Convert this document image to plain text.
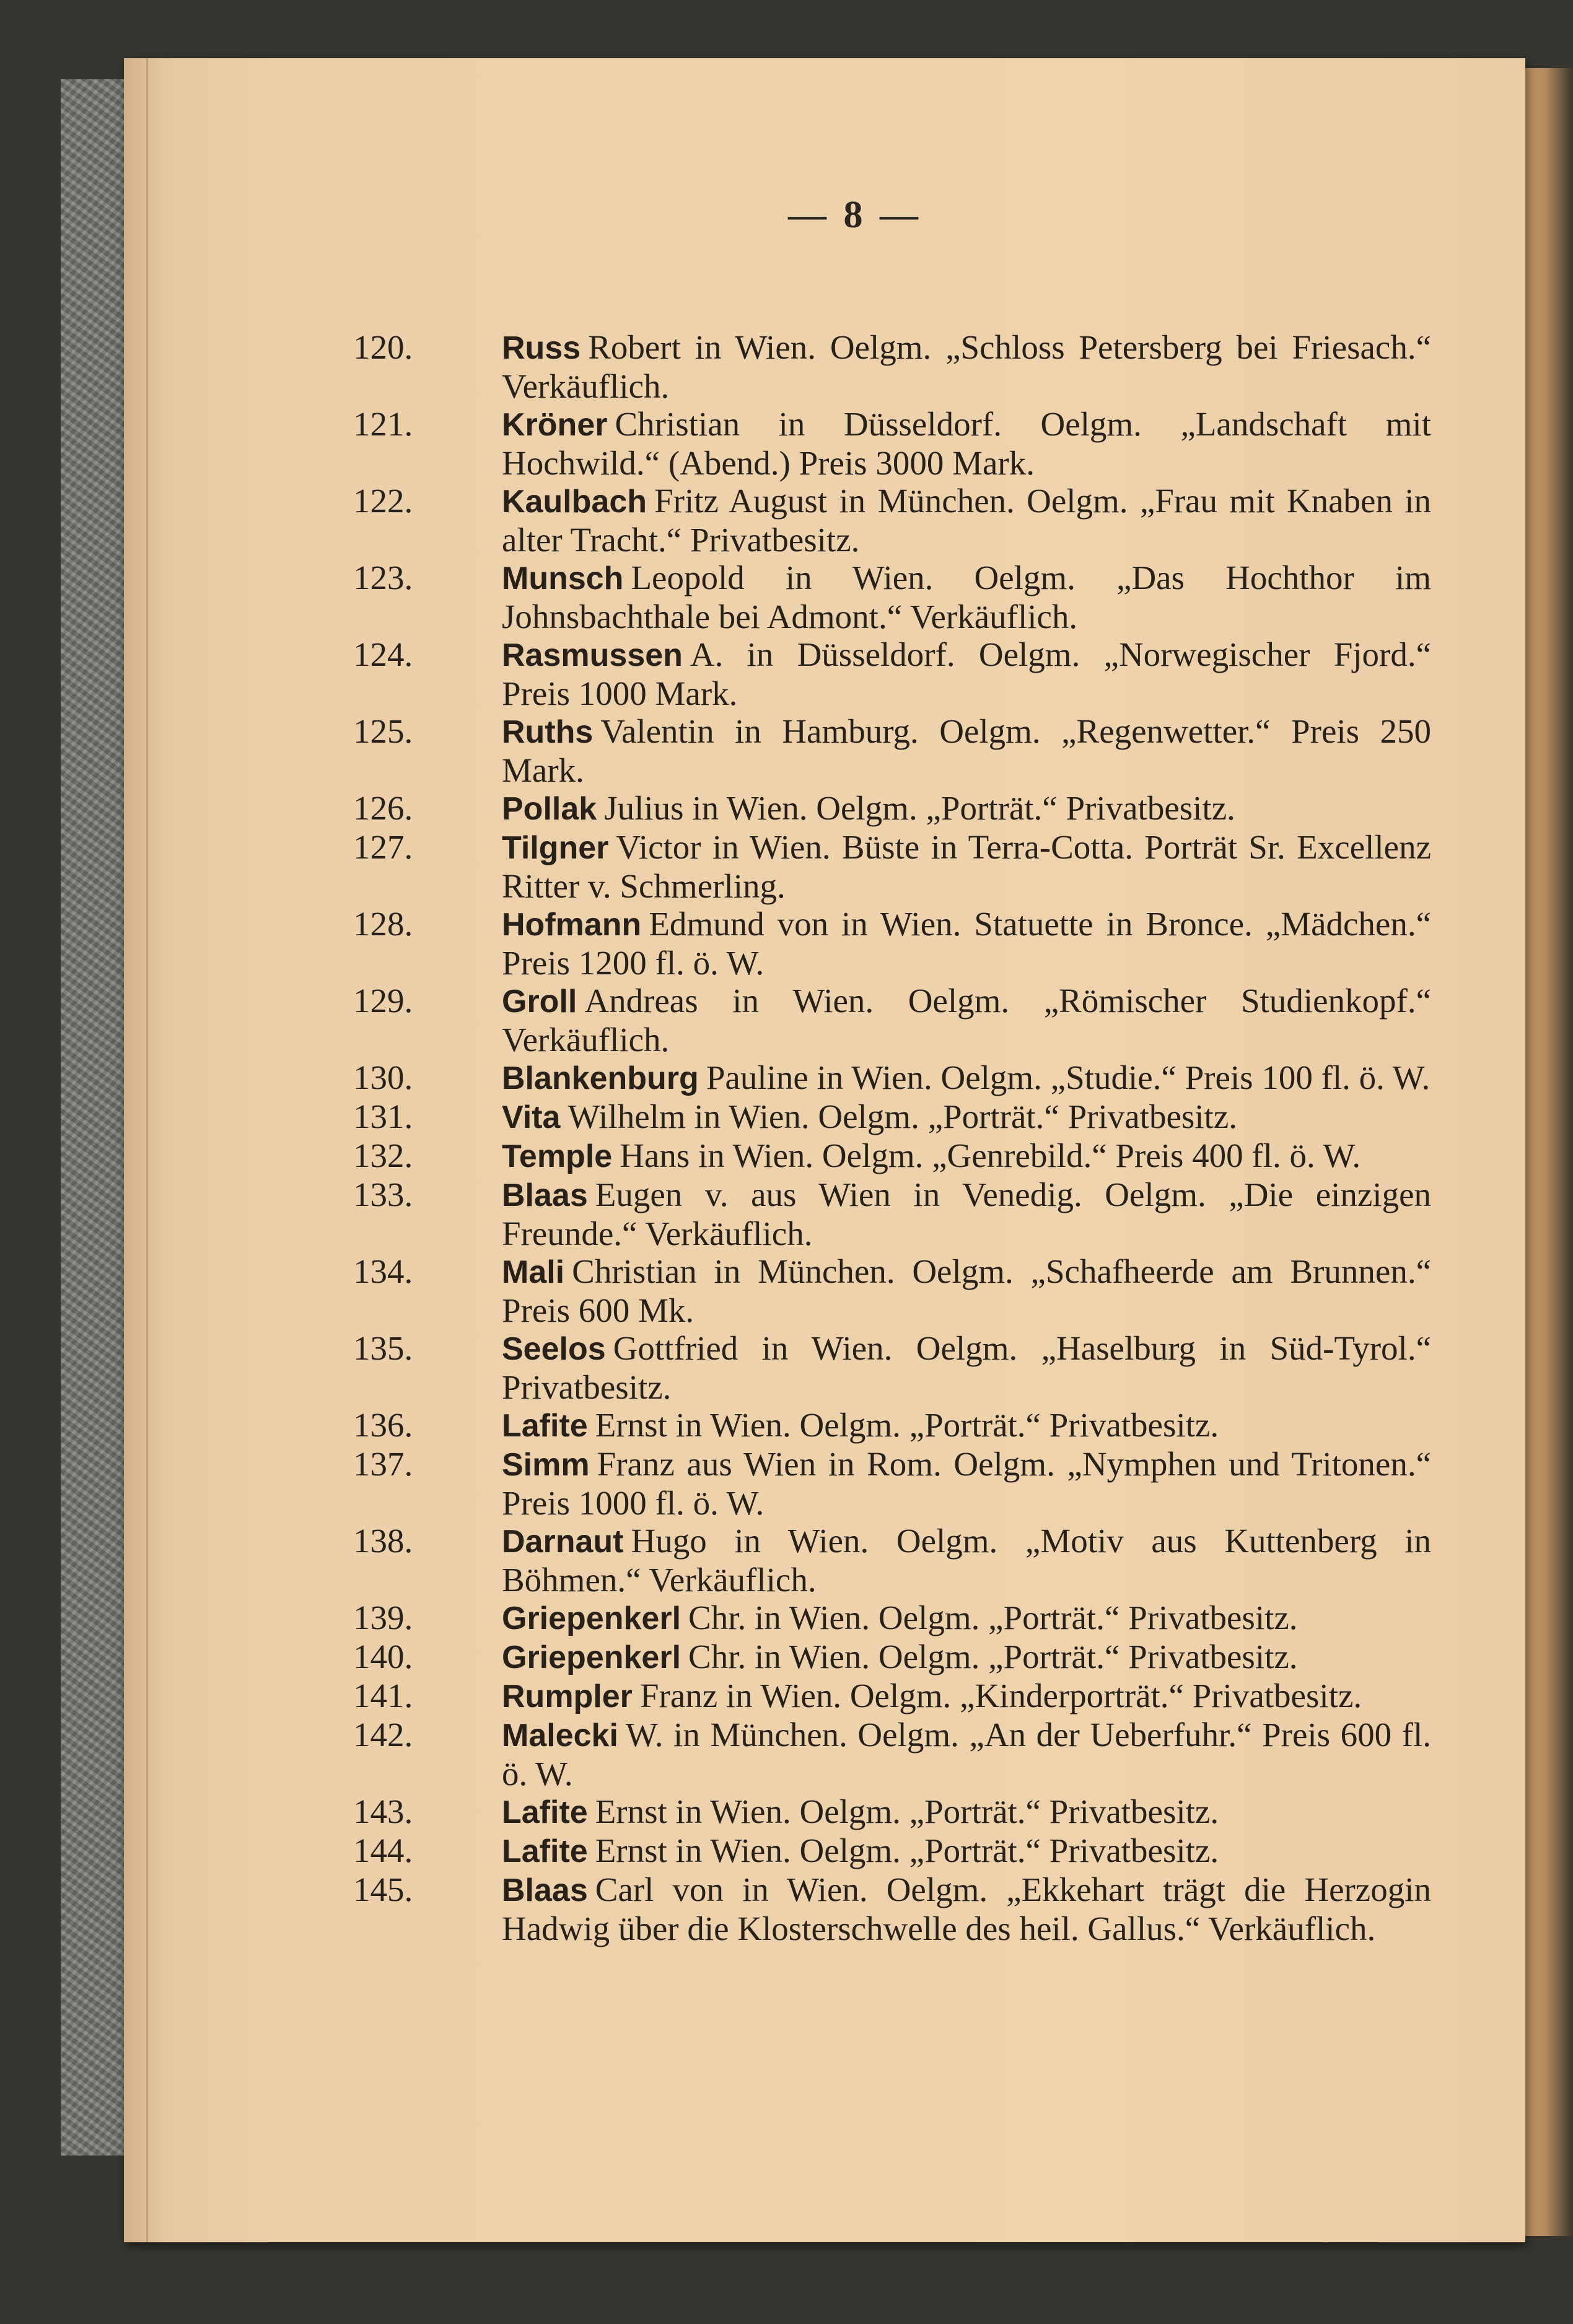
— 8 —
120.	Russ Robert in Wien. Oelgm. „Schloss Petersberg bei Friesach.“ Verkäuflich.
121.	Kröner Christian in Düsseldorf. Oelgm. „Landschaft mit Hochwild.“ (Abend.) Preis 3000 Mark.
122.	Kaulbach Fritz August in München. Oelgm. „Frau mit Knaben in alter Tracht.“ Privatbesitz.
123.	Munsch Leopold in Wien. Oelgm. „Das Hochthor im Johnsbachthale bei Admont.“ Verkäuflich.
124.	Rasmussen A. in Düsseldorf. Oelgm. „Norwegischer Fjord.“ Preis 1000 Mark.
125.	Ruths Valentin in Hamburg. Oelgm. „Regenwetter.“ Preis 250 Mark.
126.	Pollak Julius in Wien. Oelgm. „Porträt.“ Privatbesitz.
127.	Tilgner Victor in Wien. Büste in Terra-Cotta. Porträt Sr. Excellenz Ritter v. Schmerling.
128.	Hofmann Edmund von in Wien. Statuette in Bronce. „Mädchen.“ Preis 1200 fl. ö. W.
129.	Groll Andreas in Wien. Oelgm. „Römischer Studienkopf.“ Verkäuflich.
130.	Blankenburg Pauline in Wien. Oelgm. „Studie.“ Preis 100 fl. ö. W.
131.	Vita Wilhelm in Wien. Oelgm. „Porträt.“ Privatbesitz.
132.	Temple Hans in Wien. Oelgm. „Genrebild.“ Preis 400 fl. ö. W.
133.	Blaas Eugen v. aus Wien in Venedig. Oelgm. „Die einzigen Freunde.“ Verkäuflich.
134.	Mali Christian in München. Oelgm. „Schafheerde am Brunnen.“ Preis 600 Mk.
135.	Seelos Gottfried in Wien. Oelgm. „Haselburg in Süd-Tyrol.“ Privatbesitz.
136.	Lafite Ernst in Wien. Oelgm. „Porträt.“ Privatbesitz.
137.	Simm Franz aus Wien in Rom. Oelgm. „Nymphen und Tritonen.“ Preis 1000 fl. ö. W.
138.	Darnaut Hugo in Wien. Oelgm. „Motiv aus Kuttenberg in Böhmen.“ Verkäuflich.
139.	Griepenkerl Chr. in Wien. Oelgm. „Porträt.“ Privatbesitz.
140.	Griepenkerl Chr. in Wien. Oelgm. „Porträt.“ Privatbesitz.
141.	Rumpler Franz in Wien. Oelgm. „Kinderporträt.“ Privatbesitz.
142.	Malecki W. in München. Oelgm. „An der Ueberfuhr.“ Preis 600 fl. ö. W.
143.	Lafite Ernst in Wien. Oelgm. „Porträt.“ Privatbesitz.
144.	Lafite Ernst in Wien. Oelgm. „Porträt.“ Privatbesitz.
145.	Blaas Carl von in Wien. Oelgm. „Ekkehart trägt die Herzogin Hadwig über die Klosterschwelle des heil. Gallus.“ Verkäuflich.
